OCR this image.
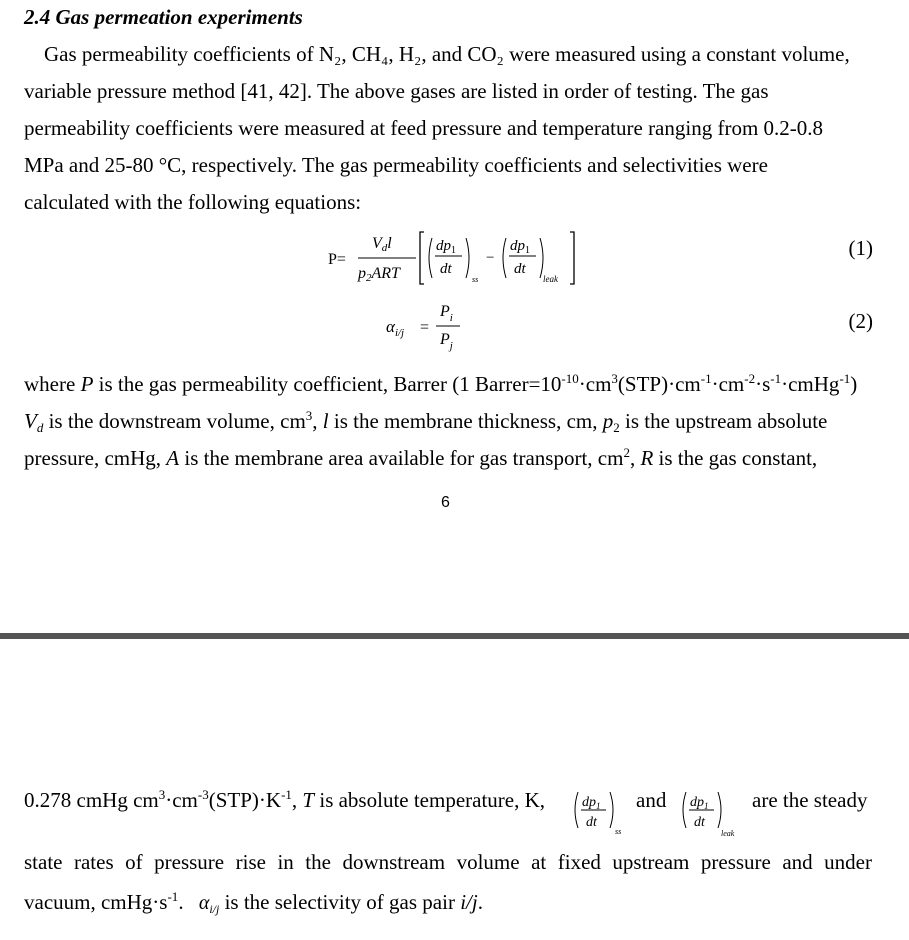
2.4 Gas permeation experiments
Gas permeability coefficients of N₂, CH₄, H₂, and CO₂ were measured using a constant volume,
variable pressure method [41, 42]. The above gases are listed in order of testing. The gas
permeability coefficients were measured at feed pressure and temperature ranging from 0.2-0.8
MPa and 25-80 °C, respectively. The gas permeability coefficients and selectivities were
calculated with the following equations:
P=
Vdl
p2ART
$dp_1$
dt
ss
−
$dp_1$
dt
leak
(1)
$\alpha_{i/j}$ =
$P_i$
$P_j$
(2)
where P is the gas permeability coefficient, Barrer (1 $Barrer=10^{-10}\cdot cm^3(STP)\cdot cm^{-1}\cdot cm^{-2}\cdot s^{-1}\cdot cmHg^{-1}$)
$V_d$ is the downstream volume, $cm^3$, l is the membrane thickness, cm, $p_2$ is the upstream absolute
pressure, cmHg, A is the membrane area available for gas transport, $cm^2$, R is the gas constant,
6
0.278 cmHg $cm^3\cdot cm^{-3}(STP)\cdot K^{-1}$, T is absolute temperature, K,	$dp_1$
dt
ss
and $dp_1$
dt
leak
are the steady
state rates of pressure rise in the downstream volume at fixed upstream pressure and under
vacuum, $cmHg\cdot s^{-1}$. $\alpha_{i/j}$ is the selectivity of gas pair i/j.
